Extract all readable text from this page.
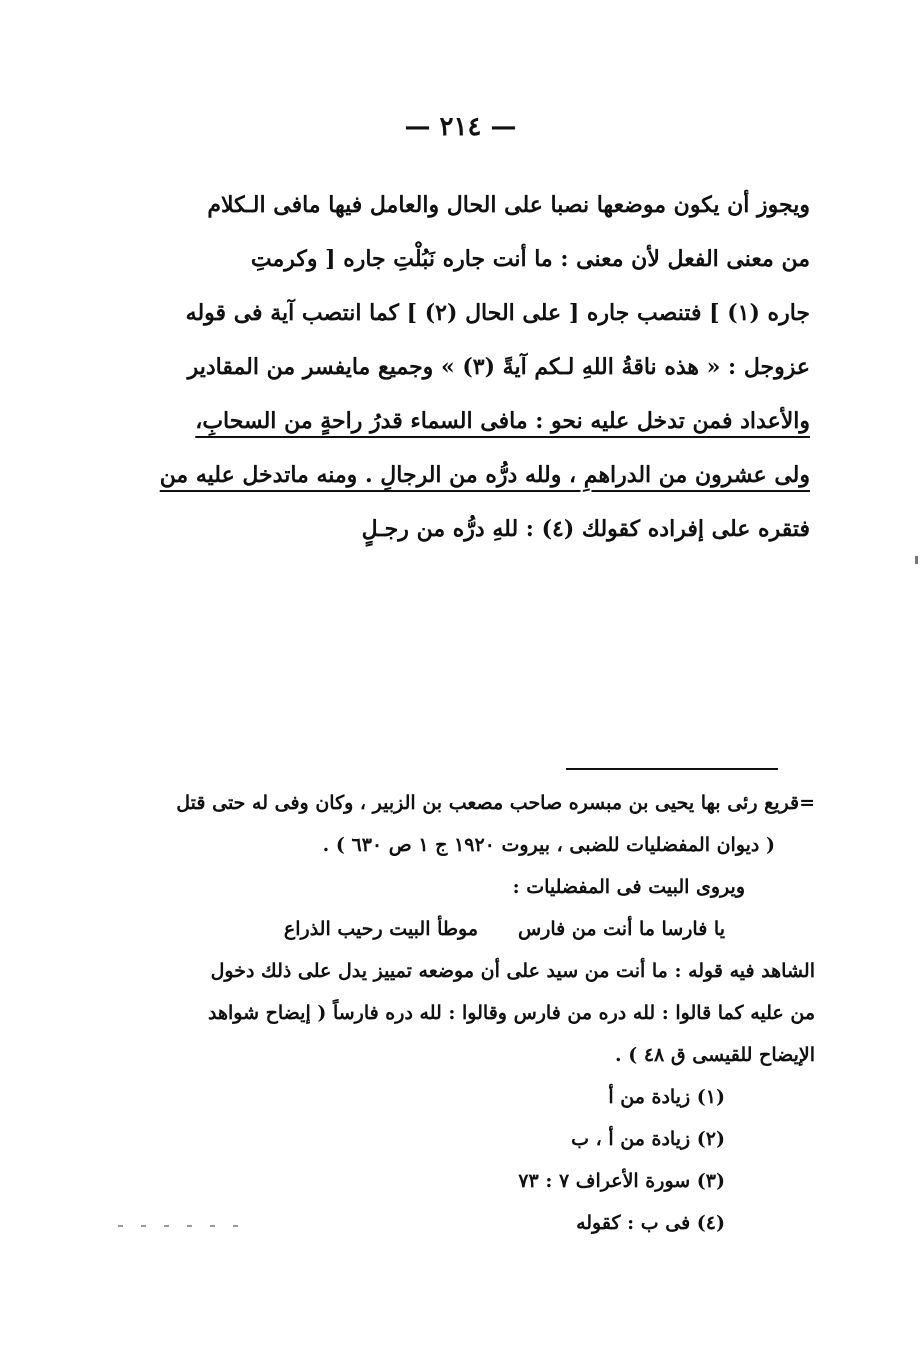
— ٢١٤ —

ويجوز أن يكون موضعها نصبا على الحال والعامل فيها مافى الـكلام

من معنى الفعل لأن معنى : ما أنت جاره نَبُلْتِ جاره [ وكرمتِ

جاره (١) ] فتنصب جاره [ على الحال (٢) ] كما انتصب آية فى قوله

عزوجل : « هذه ناقةُ اللهِ لـكم آيةً (٣) » وجميع مايفسر من المقادير

والأعداد فمن تدخل عليه نحو : مافى السماء قدرُ راحةٍ من السحابِ،

ولى عشرون من الدراهمِ ، ولله درُّه من الرجالِ . ومنه ماتدخل عليه من

فتقره على إفراده كقولك (٤) : للهِ درُّه من رجـلٍ

=قريع رئى بها يحيى بن مبسره صاحب مصعب بن الزبير ، وكان وفى له حتى قتل

( ديوان المفضليات للضبى ، بيروت ١٩٢٠ ج ١ ص ٦٣٠ ) .

ويروى البيت فى المفضليات :

يا فارسا ما أنت من فارس
موطأ البيت رحيب الذراع

الشاهد فيه قوله : ما أنت من سيد على أن موضعه تمييز يدل على ذلك دخول

من عليه كما قالوا : لله دره من فارس وقالوا : لله دره فارساً ( إيضاح شواهد

الإيضاح للقيسى ق ٤٨ ) .

(١) زيادة من أ

(٢) زيادة من أ ، ب

(٣) سورة الأعراف ٧ : ٧٣

(٤) فى ب : كقوله
